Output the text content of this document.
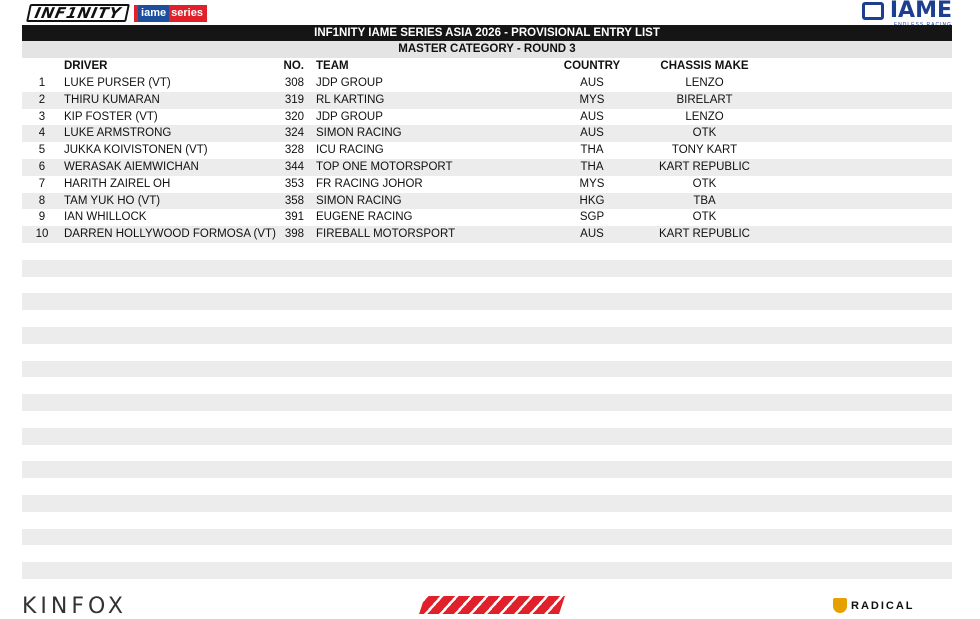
INF1NITY	iame series	IAME
INF1NITY IAME SERIES ASIA 2026 - PROVISIONAL ENTRY LIST
MASTER CATEGORY - ROUND 3
DRIVER	NO. TEAM	COUNTRY	CHASSIS MAKE
1	LUKE PURSER (VT)	308 JDP GROUP	AUS	LENZO
2	THIRU KUMARAN	319 RL KARTING	MYS	BIRELART
3	KIP FOSTER (VT)	320 JDP GROUP	AUS	LENZO
4	LUKE ARMSTRONG	324 SIMON RACING	AUS	OTK
5	JUKKA KOIVISTONEN (VT)	328 ICU RACING	THA	TONY KART
6	WERASAK AIEMWICHAN	344 TOP ONE MOTORSPORT	THA	KART REPUBLIC
7	HARITH ZAIREL OH	353 FR RACING JOHOR	MYS	OTK
8	TAM YUK HO (VT)	358 SIMON RACING	HKG	TBA
9	IAN WHILLOCK	391 EUGENE RACING	SGP	OTK
10	DARREN HOLLYWOOD FORMOSA (VT) 398 FIREBALL MOTORSPORT	AUS	KART REPUBLIC
KINFOX	RADICAL
